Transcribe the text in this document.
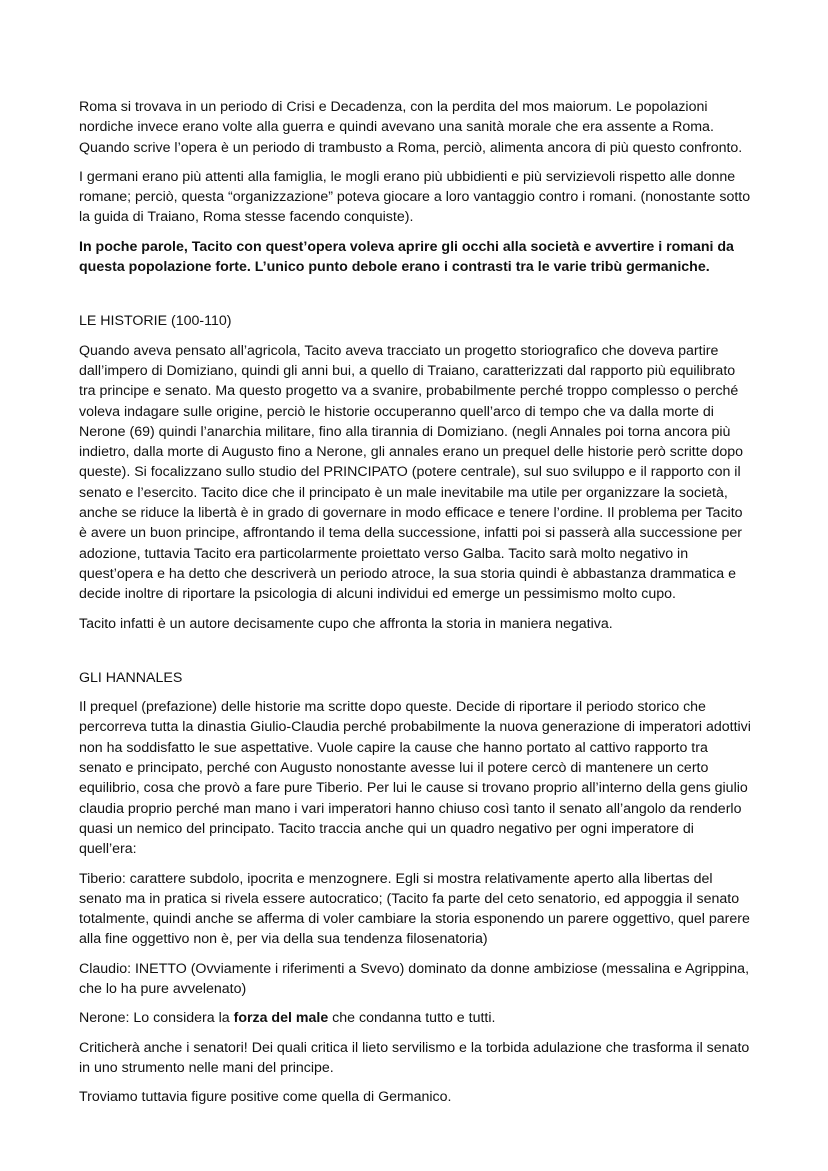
Roma si trovava in un periodo di Crisi e Decadenza, con la perdita del mos maiorum. Le popolazioni nordiche invece erano volte alla guerra e quindi avevano una sanità morale che era assente a Roma. Quando scrive l’opera è un periodo di trambusto a Roma, perciò, alimenta ancora di più questo confronto.

I germani erano più attenti alla famiglia, le mogli erano più ubbidienti e più servizievoli rispetto alle donne romane; perciò, questa “organizzazione” poteva giocare a loro vantaggio contro i romani. (nonostante sotto la guida di Traiano, Roma stesse facendo conquiste).

In poche parole, Tacito con quest’opera voleva aprire gli occhi alla società e avvertire i romani da questa popolazione forte. L’unico punto debole erano i contrasti tra le varie tribù germaniche.

LE HISTORIE (100-110)

Quando aveva pensato all’agricola, Tacito aveva tracciato un progetto storiografico che doveva partire dall’impero di Domiziano, quindi gli anni bui, a quello di Traiano, caratterizzati dal rapporto più equilibrato tra principe e senato. Ma questo progetto va a svanire, probabilmente perché troppo complesso o perché voleva indagare sulle origine, perciò le historie occuperanno quell’arco di tempo che va dalla morte di Nerone (69) quindi l’anarchia militare, fino alla tirannia di Domiziano. (negli Annales poi torna ancora più indietro, dalla morte di Augusto fino a Nerone, gli annales erano un prequel delle historie però scritte dopo queste). Si focalizzano sullo studio del PRINCIPATO (potere centrale), sul suo sviluppo e il rapporto con il senato e l’esercito. Tacito dice che il principato è un male inevitabile ma utile per organizzare la società, anche se riduce la libertà è in grado di governare in modo efficace e tenere l’ordine. Il problema per Tacito è avere un buon principe, affrontando il tema della successione, infatti poi si passerà alla successione per adozione, tuttavia Tacito era particolarmente proiettato verso Galba. Tacito sarà molto negativo in quest’opera e ha detto che descriverà un periodo atroce, la sua storia quindi è abbastanza drammatica e decide inoltre di riportare la psicologia di alcuni individui ed emerge un pessimismo molto cupo.

Tacito infatti è un autore decisamente cupo che affronta la storia in maniera negativa.

GLI HANNALES

Il prequel (prefazione) delle historie ma scritte dopo queste. Decide di riportare il periodo storico che percorreva tutta la dinastia Giulio-Claudia perché probabilmente la nuova generazione di imperatori adottivi non ha soddisfatto le sue aspettative. Vuole capire la cause che hanno portato al cattivo rapporto tra senato e principato, perché con Augusto nonostante avesse lui il potere cercò di mantenere un certo equilibrio, cosa che provò a fare pure Tiberio. Per lui le cause si trovano proprio all’interno della gens giulio claudia proprio perché man mano i vari imperatori hanno chiuso così tanto il senato all’angolo da renderlo quasi un nemico del principato. Tacito traccia anche qui un quadro negativo per ogni imperatore di quell’era:

Tiberio: carattere subdolo, ipocrita e menzognere. Egli si mostra relativamente aperto alla libertas del senato ma in pratica si rivela essere autocratico; (Tacito fa parte del ceto senatorio, ed appoggia il senato totalmente, quindi anche se afferma di voler cambiare la storia esponendo un parere oggettivo, quel parere alla fine oggettivo non è, per via della sua tendenza filosenatoria)

Claudio: INETTO (Ovviamente i riferimenti a Svevo) dominato da donne ambiziose (messalina e Agrippina, che lo ha pure avvelenato)

Nerone: Lo considera la forza del male che condanna tutto e tutti.

Criticherà anche i senatori! Dei quali critica il lieto servilismo e la torbida adulazione che trasforma il senato in uno strumento nelle mani del principe.

Troviamo tuttavia figure positive come quella di Germanico.
